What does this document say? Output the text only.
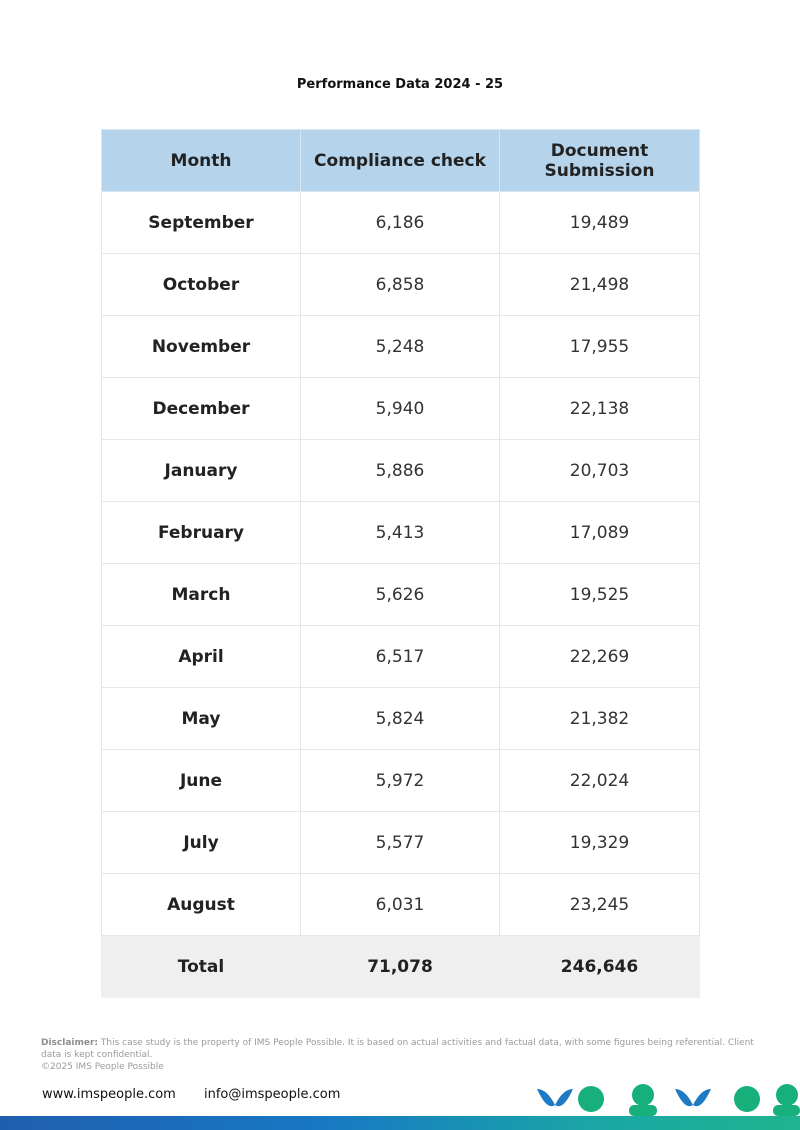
Performance Data 2024 - 25
Month	Compliance check	Document Submission
September	6,186	19,489
October	6,858	21,498
November	5,248	17,955
December	5,940	22,138
January	5,886	20,703
February	5,413	17,089
March	5,626	19,525
April	6,517	22,269
May	5,824	21,382
June	5,972	22,024
July	5,577	19,329
August	6,031	23,245
Total	71,078	246,646
Disclaimer: This case study is the property of IMS People Possible. It is based on actual activities and factual data, with some figures being referential. Client data is kept confidential.
©2025 IMS People Possible
www.imspeople.com info@imspeople.com
